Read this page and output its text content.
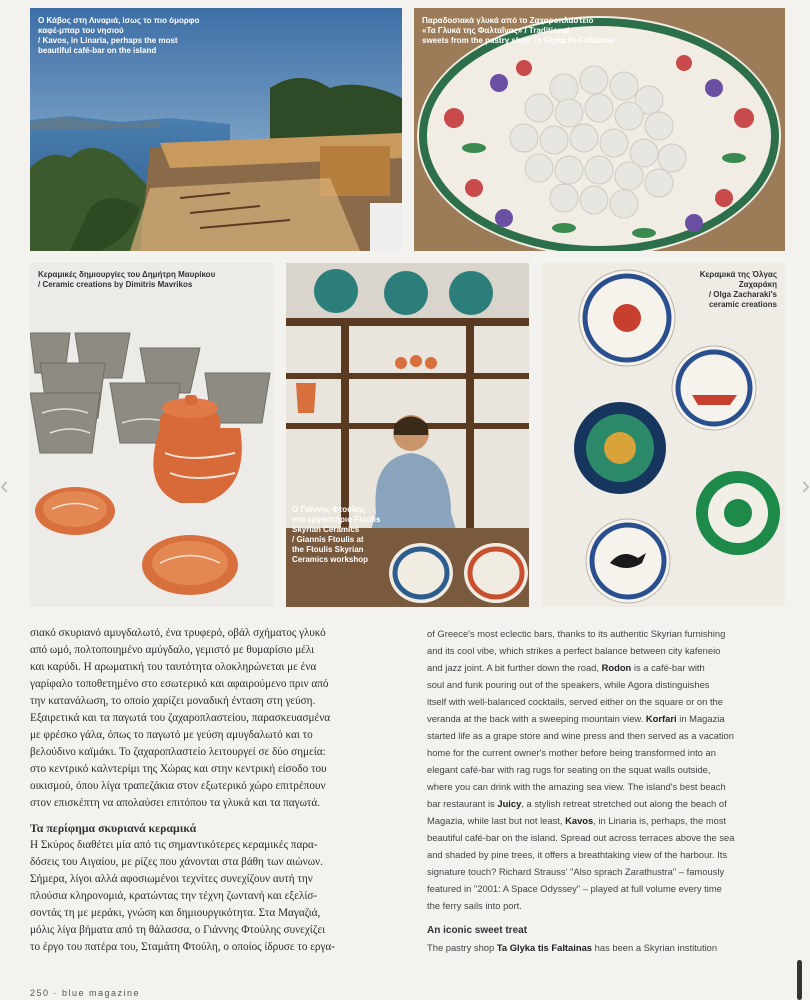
Ο Κάβος στη Λιναριά, ίσως το πιο όμορφο
καφέ-μπαρ του νησιού
/ Kavos, in Linaria, perhaps the most
beautiful café-bar on the island
Παραδοσιακά γλυκά από το Ζαχαροπλαστείο
«Τα Γλυκά της Φαλταΐνας» / Traditional
sweets from the pastry shop Ta Glyka tis Faltainas
Κεραμικές δημιουργίες του Δημήτρη Μαυρίκου
/ Ceramic creations by Dimitris Mavrikos
Ο Γιάννης Φτούλης
στο εργαστήριο Ftoulis
Skyrian Ceramics
/ Giannis Ftoulis at
the Ftoulis Skyrian
Ceramics workshop
Κεραμικά της Όλγας
Ζαχαράκη
/ Olga Zacharaki's
ceramic creations
‹	›

σιακό σκυριανό αμυγδαλωτό, ένα τρυφερό, οβάλ σχήματος γλυκό

από ωμό, πολτοποιημένο αμύγδαλο, γεμιστό με θυμαρίσιο μέλι

και καρύδι. Η αρωματική του ταυτότητα ολοκληρώνεται με ένα

γαρίφαλο τοποθετημένο στο εσωτερικό και αφαιρούμενο πριν από

την κατανάλωση, το οποίο χαρίζει μοναδική ένταση στη γεύση.

Εξαιρετικά και τα παγωτά του ζαχαροπλαστείου, παρασκευασμένα

με φρέσκο γάλα, όπως το παγωτό με γεύση αμυγδαλωτό και το

βελούδινο καϊμάκι. Το ζαχαροπλαστείο λειτουργεί σε δύο σημεία:

στο κεντρικό καλντερίμι της Χώρας και στην κεντρική είσοδο του

οικισμού, όπου λίγα τραπεζάκια στον εξωτερικό χώρο επιτρέπουν

στον επισκέπτη να απολαύσει επιτόπου τα γλυκά και τα παγωτά.

Τα περίφημα σκυριανά κεραμικά

Η Σκύρος διαθέτει μία από τις σημαντικότερες κεραμικές παρα-

δόσεις του Αιγαίου, με ρίζες που χάνονται στα βάθη των αιώνων.

Σήμερα, λίγοι αλλά αφοσιωμένοι τεχνίτες συνεχίζουν αυτή την

πλούσια κληρονομιά, κρατώντας την τέχνη ζωντανή και εξελίσ-

σοντάς τη με μεράκι, γνώση και δημιουργικότητα. Στα Μαγαζιά,

μόλις λίγα βήματα από τη θάλασσα, ο Γιάννης Φτούλης συνεχίζει

το έργο του πατέρα του, Σταμάτη Φτούλη, ο οποίος ίδρυσε το εργα-

of Greece's most eclectic bars, thanks to its authentic Skyrian furnishing

and its cool vibe, which strikes a perfect balance between city kafeneio

and jazz joint. A bit further down the road, Rodon is a café-bar with

soul and funk pouring out of the speakers, while Agora distinguishes

itself with well-balanced cocktails, served either on the square or on the

veranda at the back with a sweeping mountain view. Korfari in Magazia

started life as a grape store and wine press and then served as a vacation

home for the current owner's mother before being transformed into an

elegant café-bar with rag rugs for seating on the squat walls outside,

where you can drink with the amazing sea view. The island's best beach

bar restaurant is Juicy, a stylish retreat stretched out along the beach of

Magazia, while last but not least, Kavos, in Linaria is, perhaps, the most

beautiful café-bar on the island. Spread out across terraces above the sea

and shaded by pine trees, it offers a breathtaking view of the harbour. Its

signature touch? Richard Strauss' "Also sprach Zarathustra" – famously

featured in "2001: A Space Odyssey" – played at full volume every time

the ferry sails into port.

An iconic sweet treat

The pastry shop Ta Glyka tis Faltainas has been a Skyrian institution

250 · blue magazine
